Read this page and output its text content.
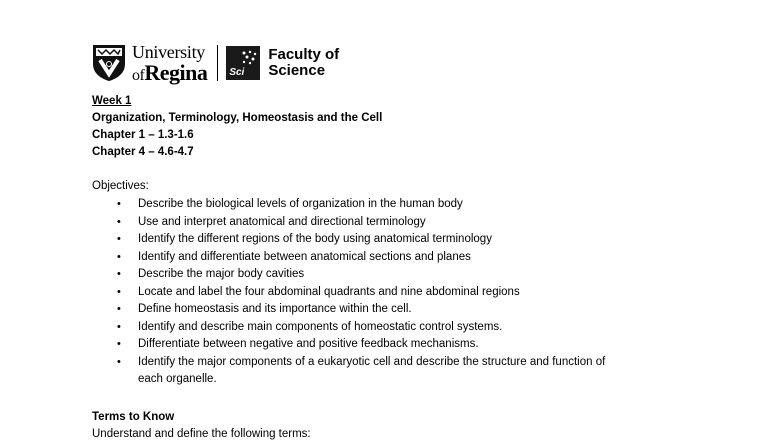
University
ofRegina Sci
Faculty of
Science
Week 1
Organization, Terminology, Homeostasis and the Cell
Chapter 1 – 1.3-1.6
Chapter 4 – 4.6-4.7
Objectives:
• Describe the biological levels of organization in the human body
• Use and interpret anatomical and directional terminology
• Identify the different regions of the body using anatomical terminology
• Identify and differentiate between anatomical sections and planes
• Describe the major body cavities
• Locate and label the four abdominal quadrants and nine abdominal regions
• Define homeostasis and its importance within the cell.
• Identify and describe main components of homeostatic control systems.
• Differentiate between negative and positive feedback mechanisms.
• Identify the major components of a eukaryotic cell and describe the structure and function of
each organelle.
Terms to Know
Understand and define the following terms:
